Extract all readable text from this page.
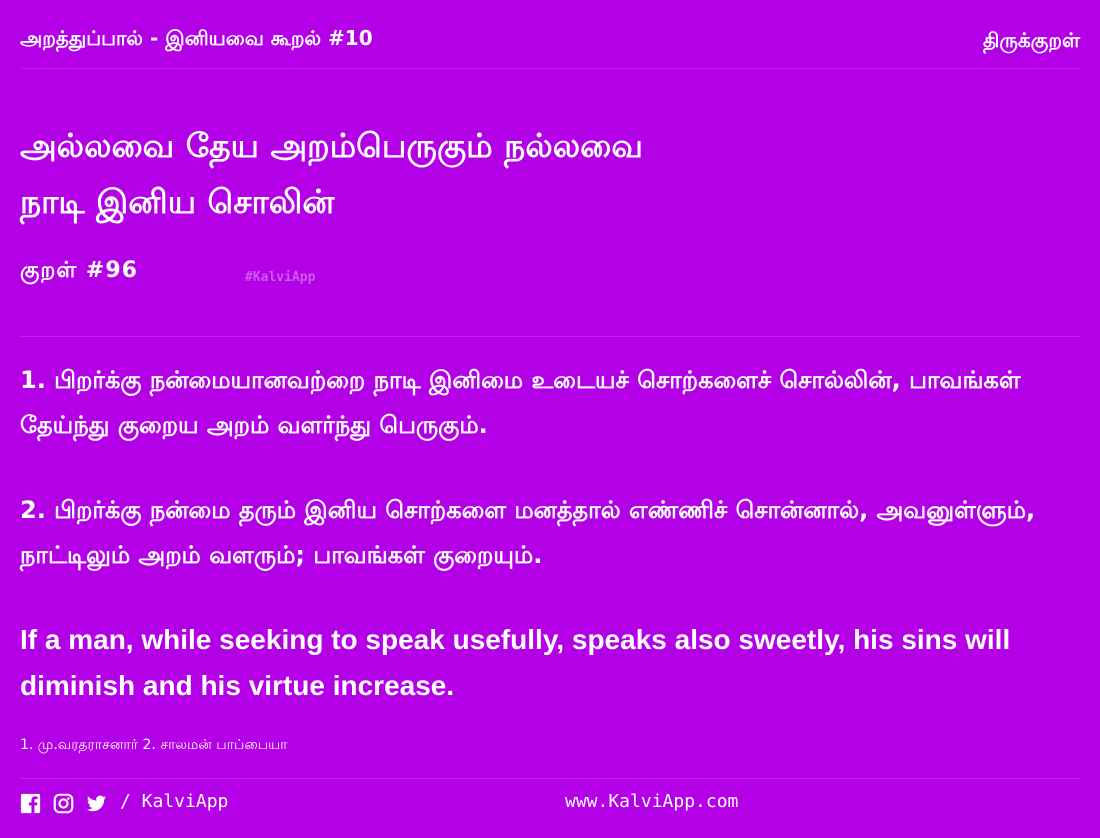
அறத்துப்பால் - இனியவை கூறல் #10	திருக்குறள்
அல்லவை தேய அறம்பெருகும் நல்லவை
நாடி இனிய சொலின்
குறள் #96	#KalviApp
1. பிறர்க்கு நன்மையானவற்றை நாடி இனிமை உடையச் சொற்களைச் சொல்லின், பாவங்கள் தேய்ந்து குறைய அறம் வளர்ந்து பெருகும்.
2. பிறர்க்கு நன்மை தரும் இனிய சொற்களை மனத்தால் எண்ணிச் சொன்னால், அவனுள்ளும், நாட்டிலும் அறம் வளரும்; பாவங்கள் குறையும்.
If a man, while seeking to speak usefully, speaks also sweetly, his sins will diminish and his virtue increase.
1. மு.வரதராசனார் 2. சாலமன் பாப்பையா
/ KalviApp	www.KalviApp.com
